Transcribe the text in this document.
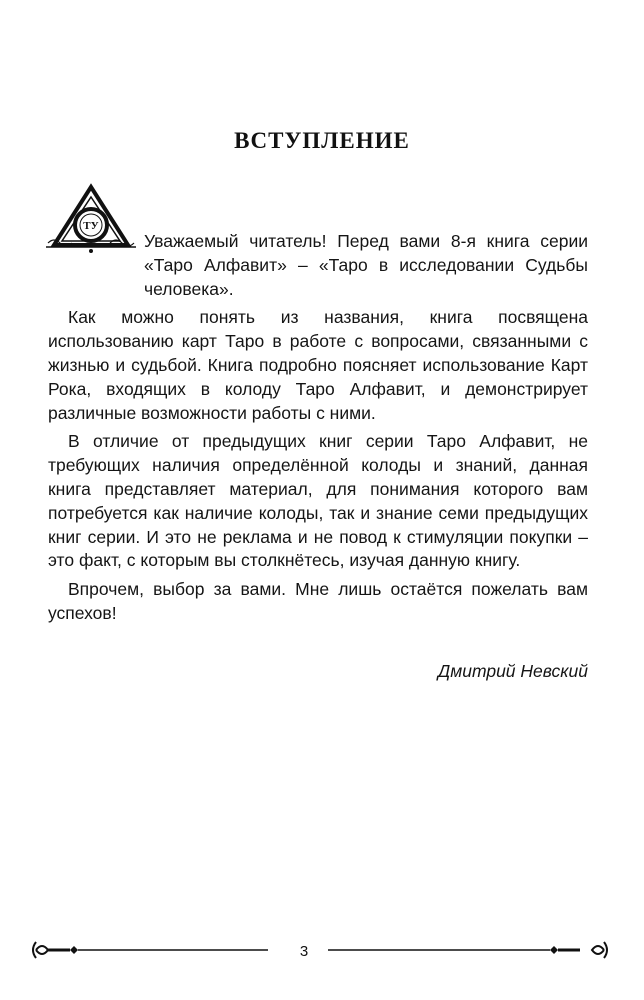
ВСТУПЛЕНИЕ
ТУ

Уважаемый читатель! Перед вами 8-я книга серии «Таро Алфавит» – «Таро в исследовании Судьбы человека».

Как можно понять из названия, книга посвящена использованию карт Таро в работе с вопросами, связанными с жизнью и судьбой. Книга подробно поясняет использование Карт Рока, входящих в колоду Таро Алфавит, и демонстрирует различные возможности работы с ними.

В отличие от предыдущих книг серии Таро Алфавит, не требующих наличия определённой колоды и знаний, данная книга представляет материал, для понимания которого вам потребуется как наличие колоды, так и знание семи предыдущих книг серии. И это не реклама и не повод к стимуляции покупки – это факт, с которым вы столкнётесь, изучая данную книгу.

Впрочем, выбор за вами. Мне лишь остаётся пожелать вам успехов!

Дмитрий Невский
3
